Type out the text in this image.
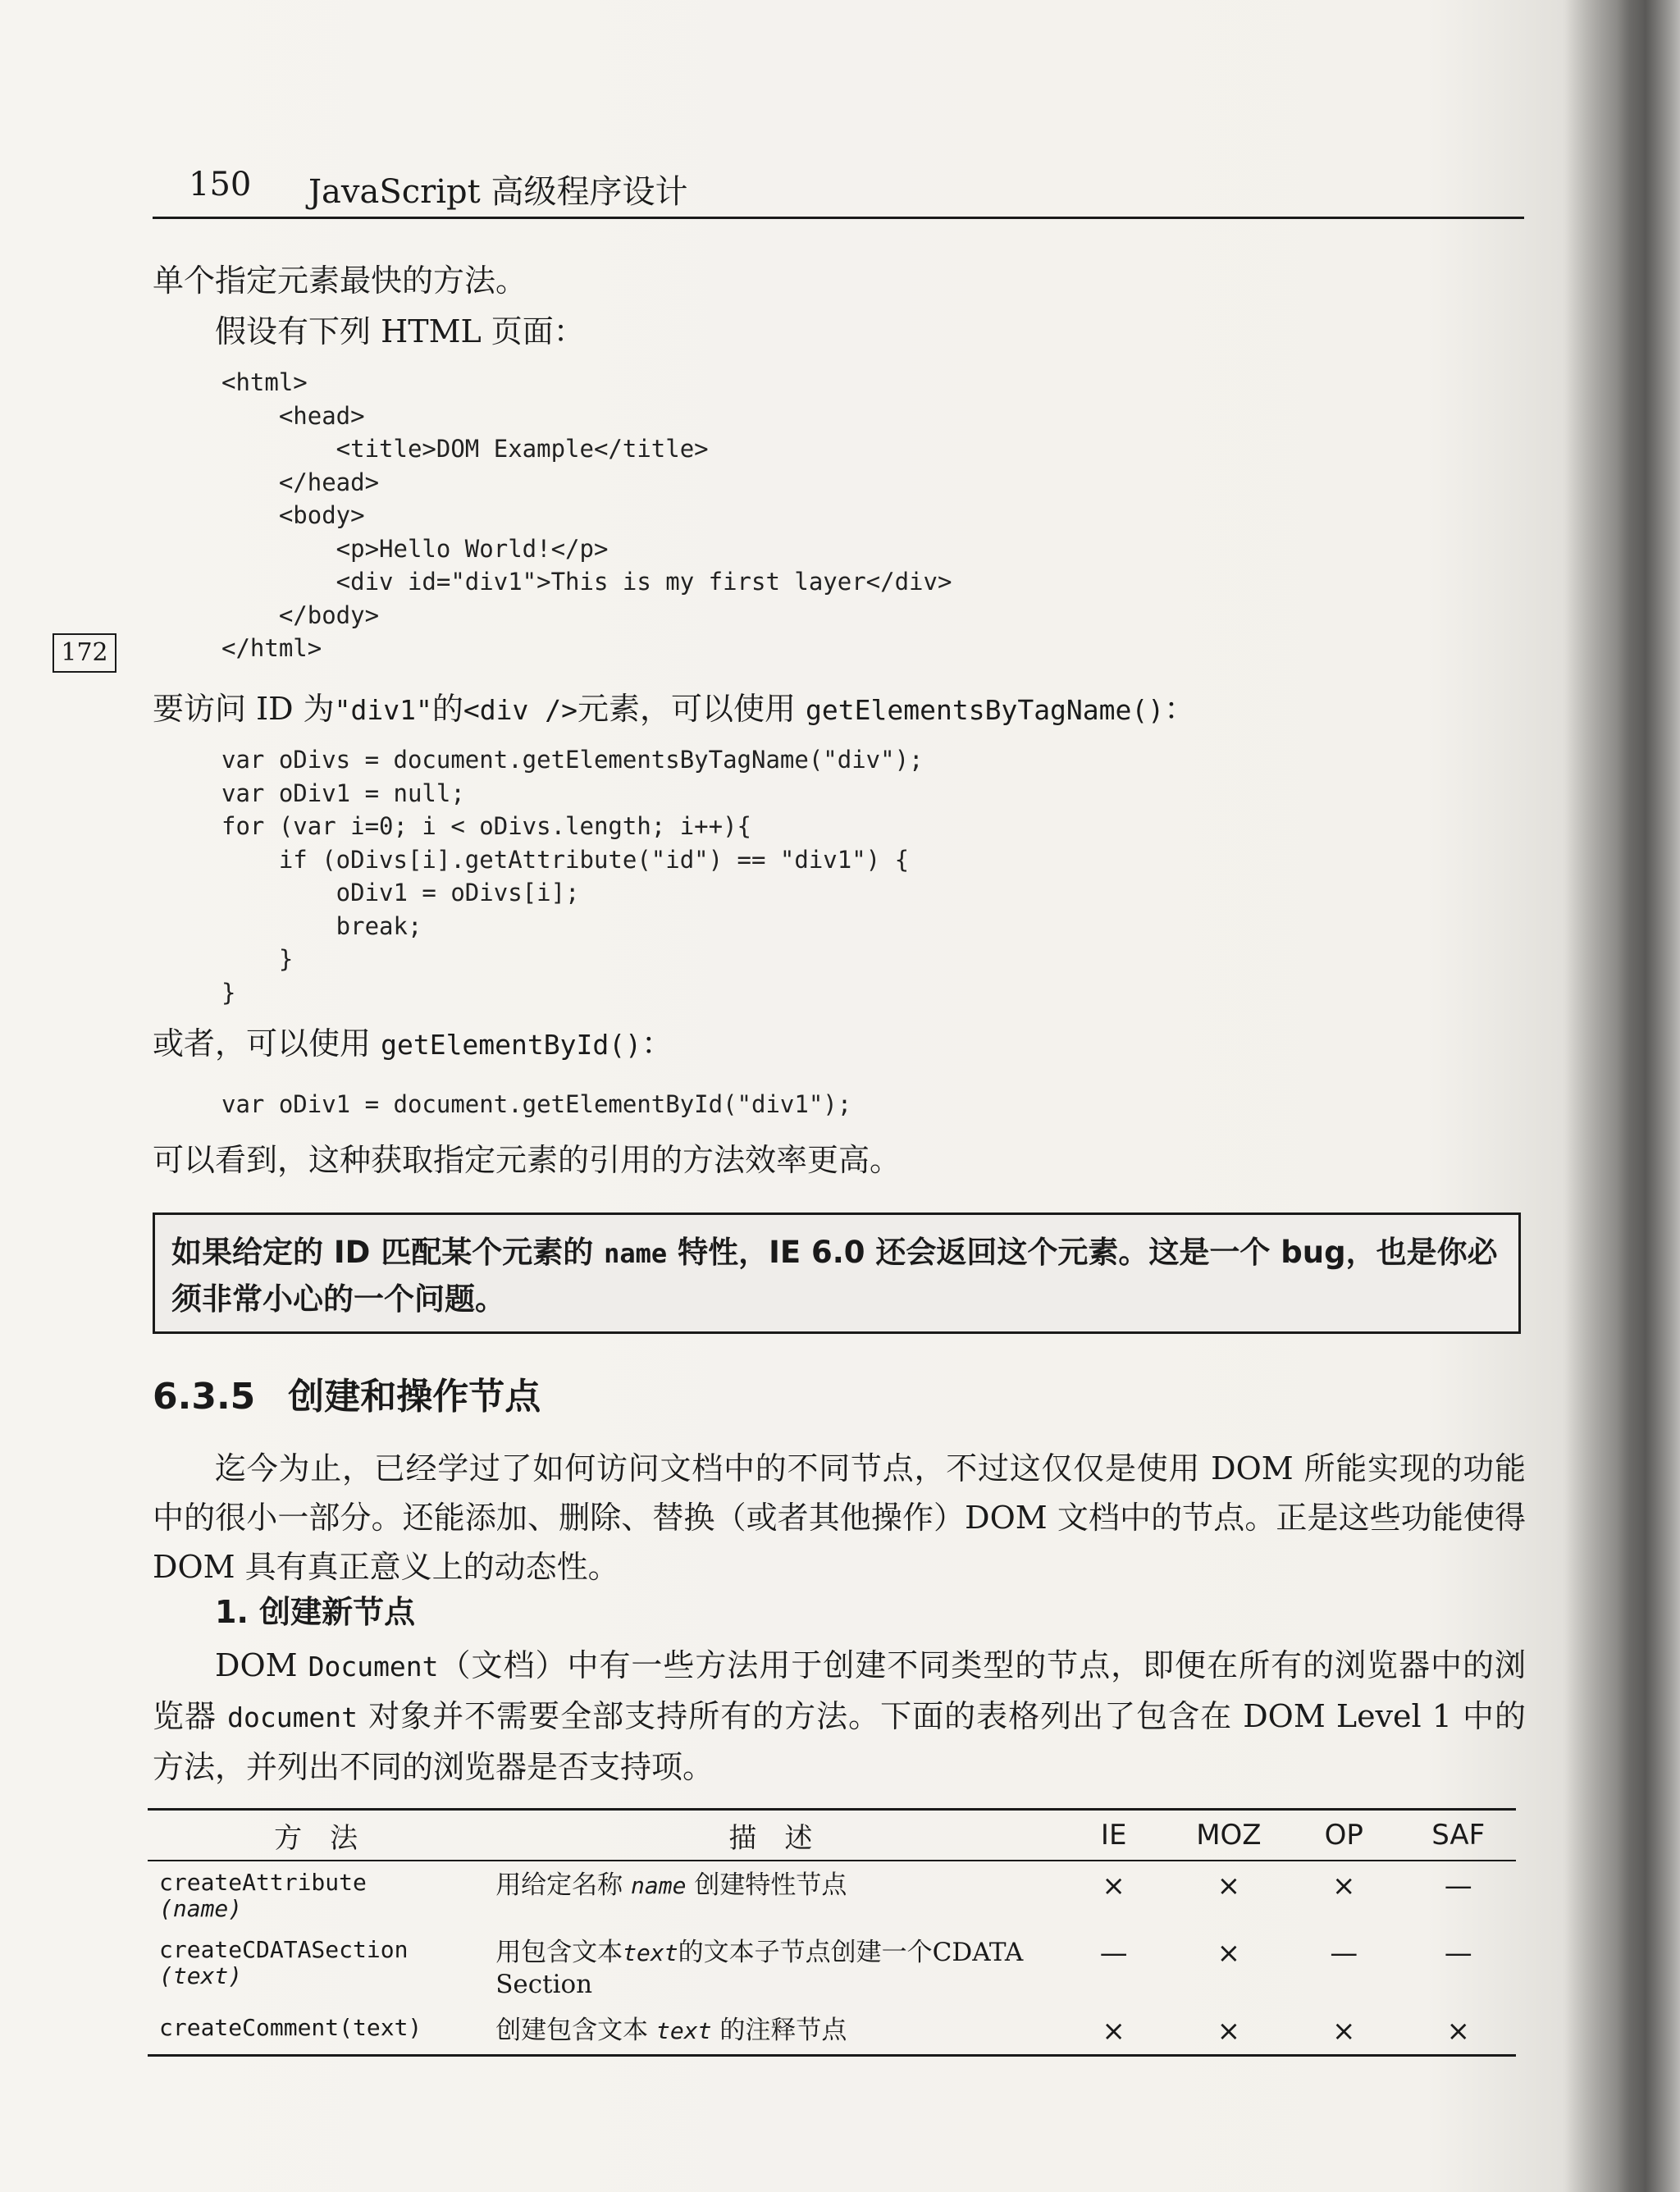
150 JavaScript 高级程序设计
单个指定元素最快的方法。
假设有下列 HTML 页面：
<html>
<head>
<title>DOM Example</title>
</head>
<body>
<p>Hello World!</p>
<div id="div1">This is my first layer</div>
</body>
</html>
172
要访问 ID 为"div1"的<div />元素，可以使用 getElementsByTagName()：
var oDivs = document.getElementsByTagName("div");
var oDiv1 = null;
for (var i=0; i < oDivs.length; i++){
if (oDivs[i].getAttribute("id") == "div1") {
oDiv1 = oDivs[i];
break;
}
}
或者，可以使用 getElementById()：
var oDiv1 = document.getElementById("div1");
可以看到，这种获取指定元素的引用的方法效率更高。
如果给定的 ID 匹配某个元素的 name 特性，IE 6.0 还会返回这个元素。这是一个 bug，也是你必须非常小心的一个问题。
6.3.5 创建和操作节点
迄今为止，已经学过了如何访问文档中的不同节点，不过这仅仅是使用 DOM 所能实现的功能中的很小一部分。还能添加、删除、替换（或者其他操作）DOM 文档中的节点。正是这些功能使得 DOM 具有真正意义上的动态性。
1. 创建新节点
DOM Document（文档）中有一些方法用于创建不同类型的节点，即便在所有的浏览器中的浏览器 document 对象并不需要全部支持所有的方法。下面的表格列出了包含在 DOM Level 1 中的方法，并列出不同的浏览器是否支持项。
方　法	描　述	IE	MOZ	OP	SAF

createAttribute
(name)	用给定名称 name 创建特性节点	×	×	×	—

createCDATASection
(text)	用包含文本text的文本子节点创建一个CDATA Section	—	×	—	—

createComment(text)	创建包含文本 text 的注释节点	×	×	×	×
